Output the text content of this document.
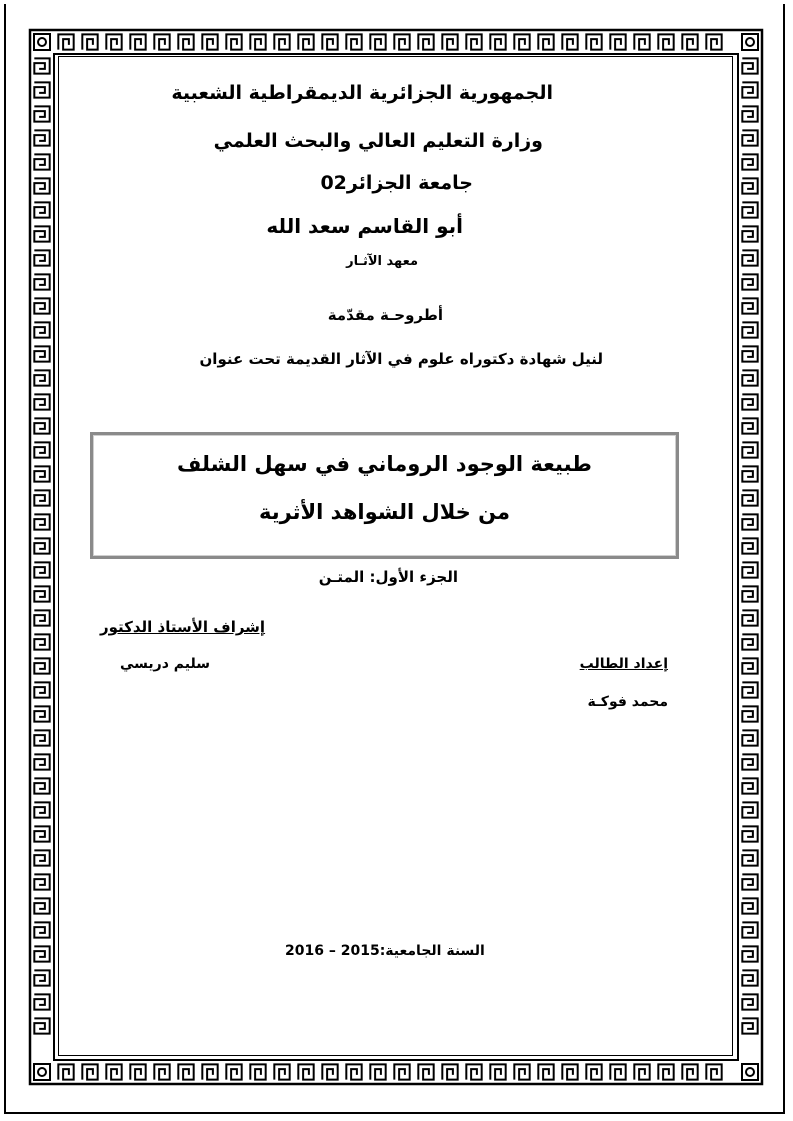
الجمهورية الجزائرية الديمقراطية الشعبية
وزارة التعليم العالي والبحث العلمي
جامعة الجزائر02
أبو القاسم سعد الله
معهد الآثـار
أطروحـة مقدّمة
لنيل شهادة دكتوراه علوم في الآثار القديمة تحت عنوان
طبيعة الوجود الروماني في سهل الشلف
من خلال الشواهد الأثرية
الجزء الأول: المتـن
إشراف الأستاذ الدكتور
سليم دريسي	إعداد الطالب
محمد فوكـة
السنة الجامعية:2015 – 2016
